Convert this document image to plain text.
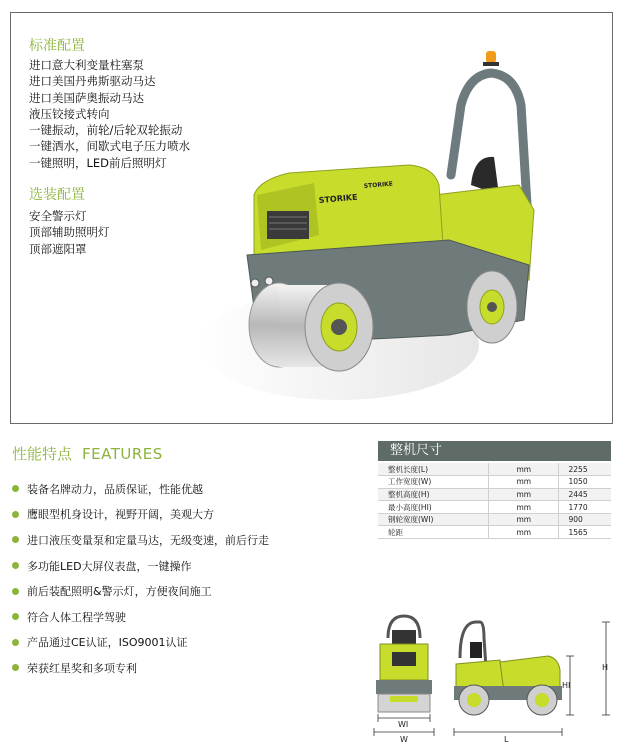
标准配置
进口意大利变量柱塞泵
进口美国丹弗斯驱动马达
进口美国萨奥振动马达
液压铰接式转向
一键振动，前轮/后轮双轮振动
一键洒水，间歇式电子压力喷水
一键照明，LED前后照明灯
选装配置
安全警示灯
顶部辅助照明灯
顶部遮阳罩
STORIKE
STORIKE
性能特点 FEATURES
装备名牌动力，品质保证，性能优越
鹰眼型机身设计，视野开阔，美观大方
进口液压变量泵和定量马达，无级变速，前后行走
多功能LED大屏仪表盘，一键操作
前后装配照明&警示灯，方便夜间施工
符合人体工程学驾驶
产品通过CE认证，ISO9001认证
荣获红星奖和多项专利
整机尺寸
整机长度(L)	mm	2255
工作宽度(W)	mm	1050
整机高度(H)	mm	2445
最小高度(HI)	mm	1770
钢轮宽度(WI)	mm	900
轮距	mm	1565
WI
W
HI
H
L
